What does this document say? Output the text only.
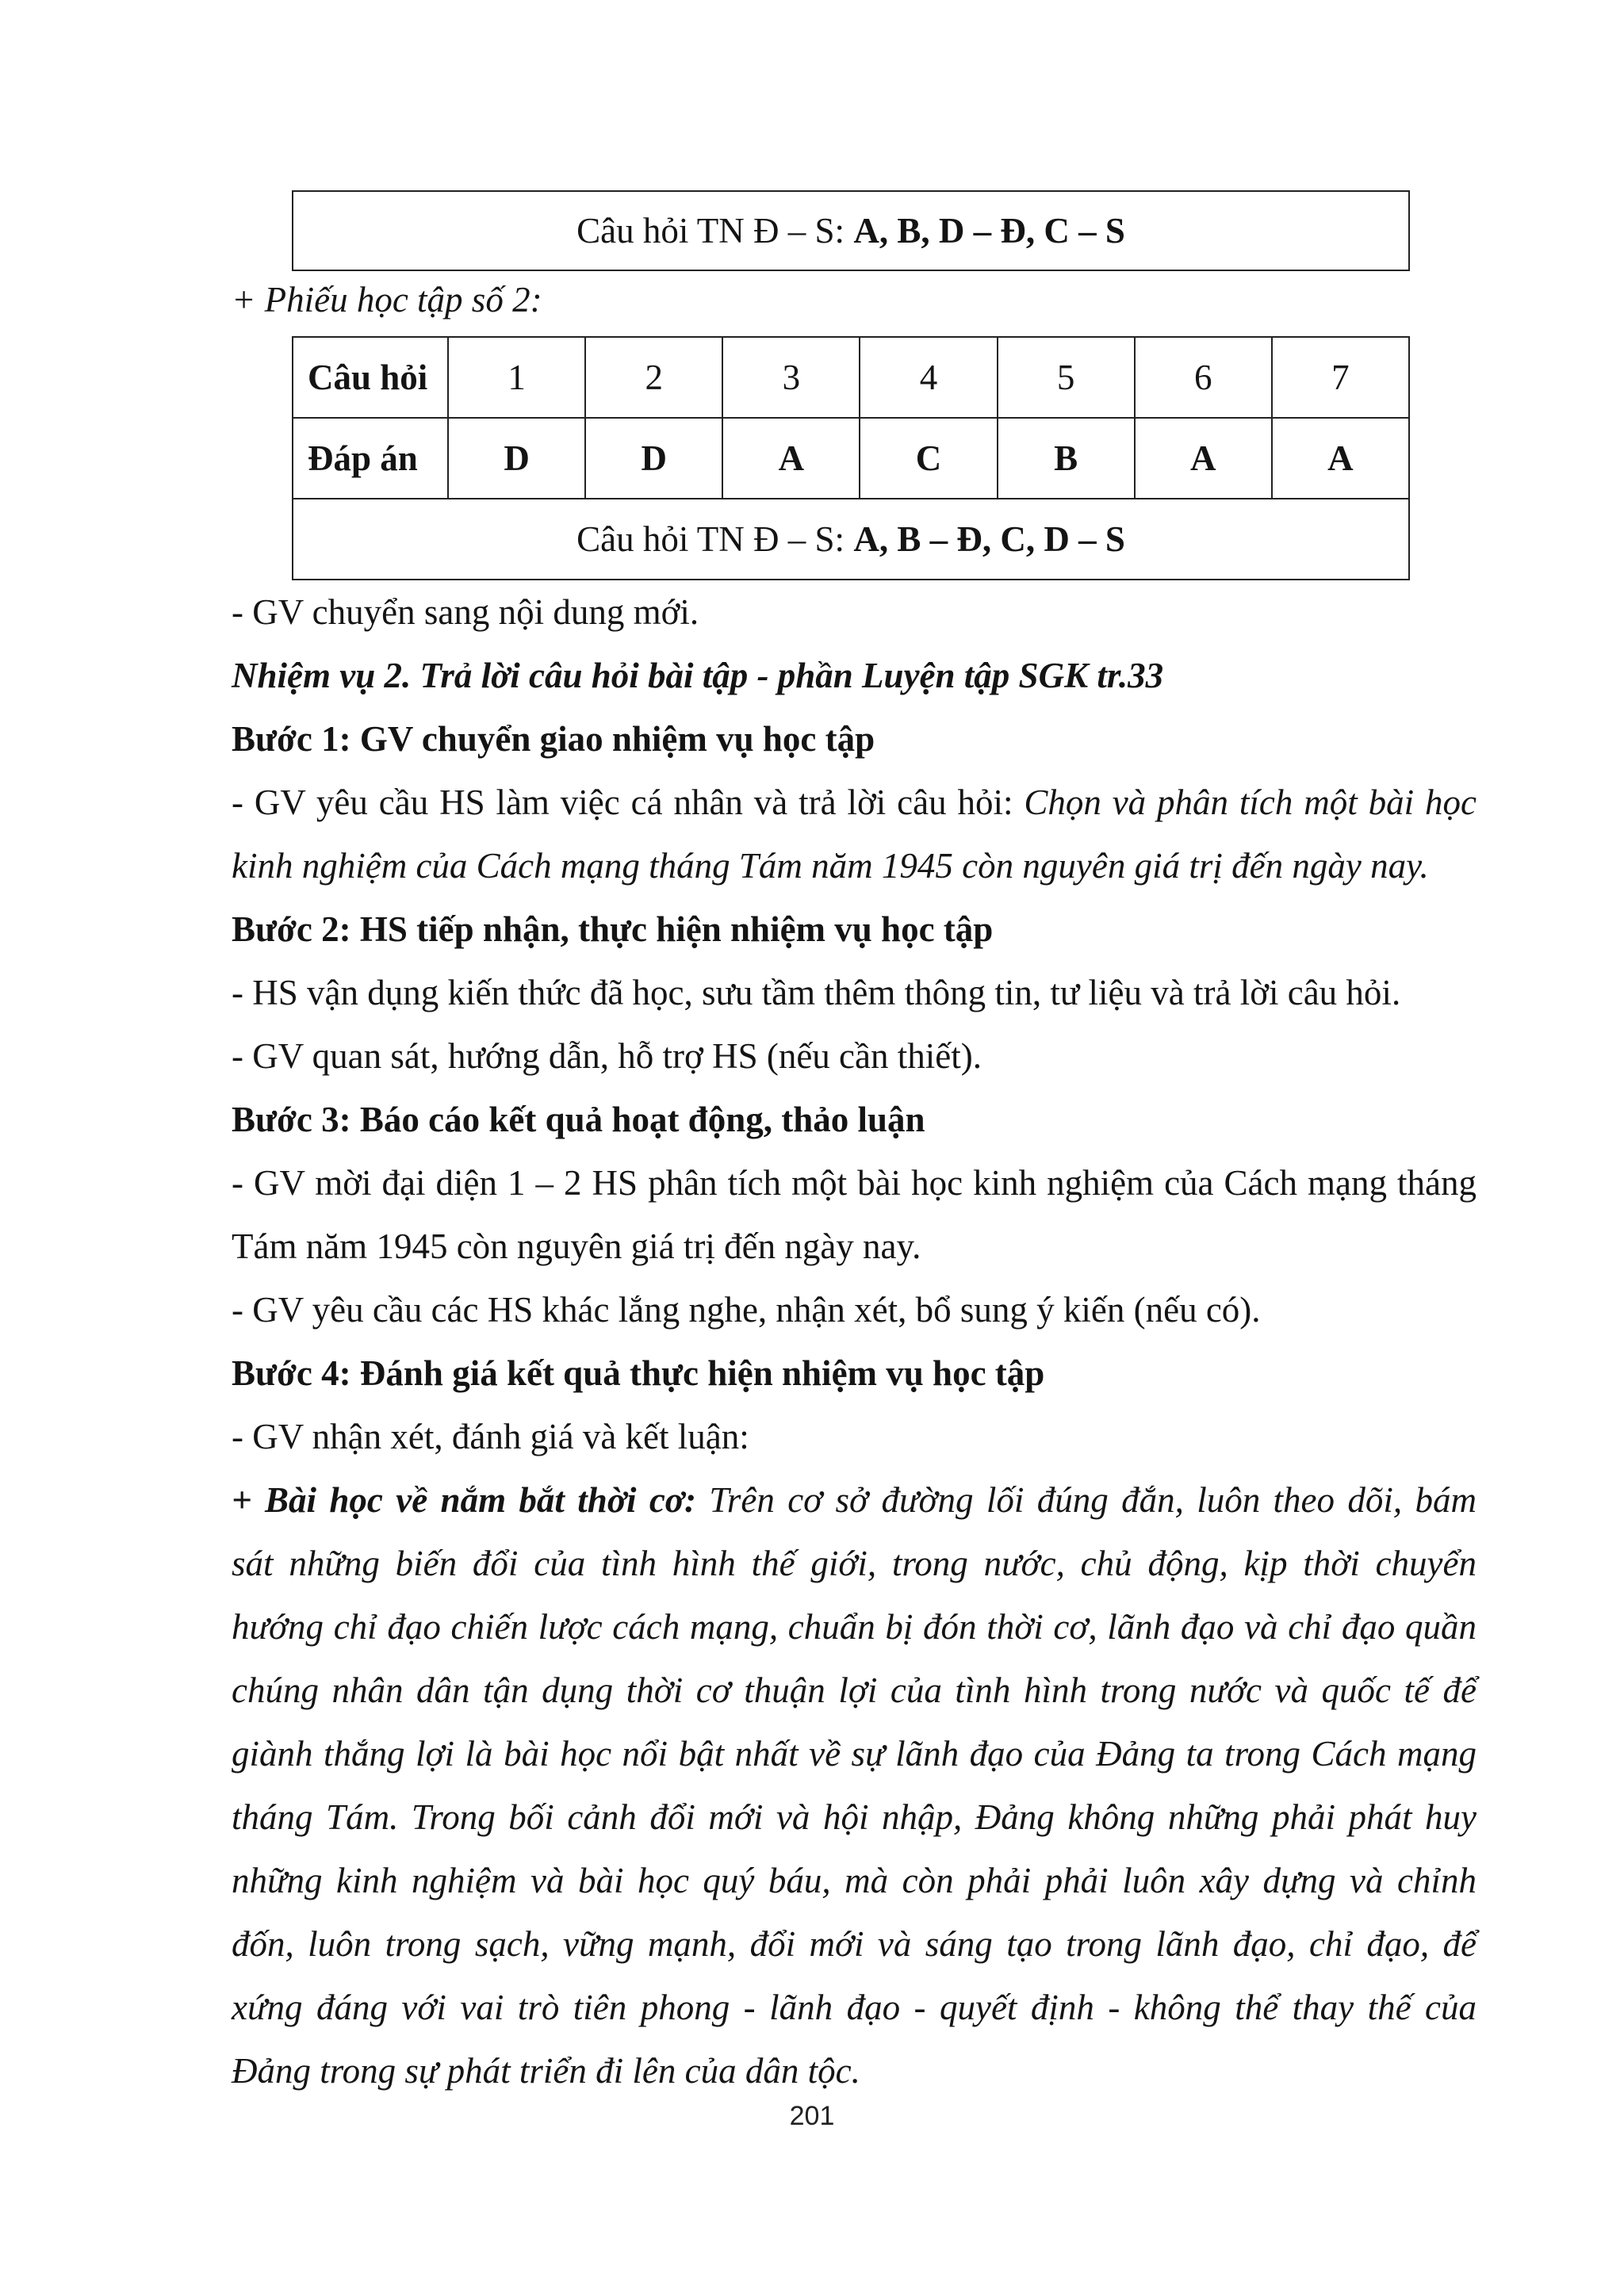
Câu hỏi TN Đ – S: A, B, D – Đ, C – S
+ Phiếu học tập số 2:
Câu hỏi	1	2	3	4	5	6	7
Đáp án	D	D	A	C	B	A	A
Câu hỏi TN Đ – S: A, B – Đ, C, D – S							
- GV chuyển sang nội dung mới.
Nhiệm vụ 2. Trả lời câu hỏi bài tập - phần Luyện tập SGK tr.33
Bước 1: GV chuyển giao nhiệm vụ học tập
- GV yêu cầu HS làm việc cá nhân và trả lời câu hỏi: Chọn và phân tích một bài học
kinh nghiệm của Cách mạng tháng Tám năm 1945 còn nguyên giá trị đến ngày nay.
Bước 2: HS tiếp nhận, thực hiện nhiệm vụ học tập
- HS vận dụng kiến thức đã học, sưu tầm thêm thông tin, tư liệu và trả lời câu hỏi.
- GV quan sát, hướng dẫn, hỗ trợ HS (nếu cần thiết).
Bước 3: Báo cáo kết quả hoạt động, thảo luận
- GV mời đại diện 1 – 2 HS phân tích một bài học kinh nghiệm của Cách mạng tháng
Tám năm 1945 còn nguyên giá trị đến ngày nay.
- GV yêu cầu các HS khác lắng nghe, nhận xét, bổ sung ý kiến (nếu có).
Bước 4: Đánh giá kết quả thực hiện nhiệm vụ học tập
- GV nhận xét, đánh giá và kết luận:
+ Bài học về nắm bắt thời cơ: Trên cơ sở đường lối đúng đắn, luôn theo dõi, bám
sát những biến đổi của tình hình thế giới, trong nước, chủ động, kịp thời chuyển
hướng chỉ đạo chiến lược cách mạng, chuẩn bị đón thời cơ, lãnh đạo và chỉ đạo quần
chúng nhân dân tận dụng thời cơ thuận lợi của tình hình trong nước và quốc tế để
giành thắng lợi là bài học nổi bật nhất về sự lãnh đạo của Đảng ta trong Cách mạng
tháng Tám. Trong bối cảnh đổi mới và hội nhập, Đảng không những phải phát huy
những kinh nghiệm và bài học quý báu, mà còn phải phải luôn xây dựng và chỉnh
đốn, luôn trong sạch, vững mạnh, đổi mới và sáng tạo trong lãnh đạo, chỉ đạo, để
xứng đáng với vai trò tiên phong - lãnh đạo - quyết định - không thể thay thế của
Đảng trong sự phát triển đi lên của dân tộc.
201
